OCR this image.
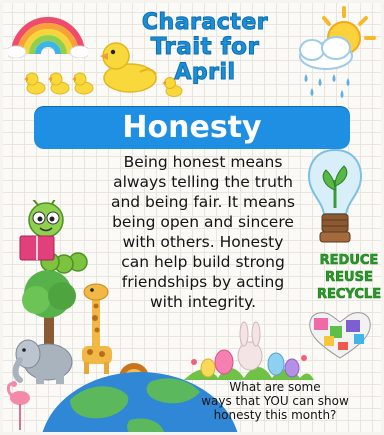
Character
Trait for
April
Honesty
Being honest means
always telling the truth
and being fair. It means
being open and sincere
with others. Honesty
can help build strong
friendships by acting
with integrity.
REDUCE
REUSE
RECYCLE
What are some
ways that YOU can show
honesty this month?
